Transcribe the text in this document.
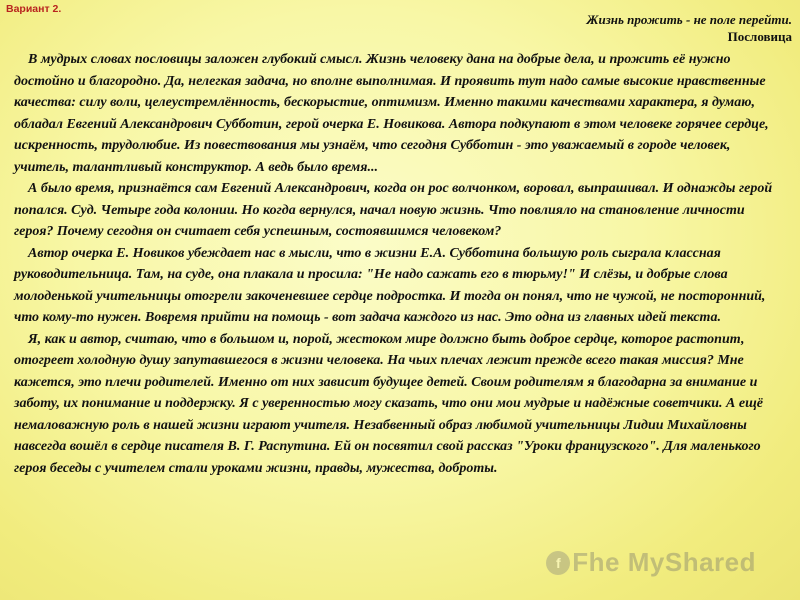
Вариант 2.
Жизнь прожить - не поле перейти.
Пословица

В мудрых словах пословицы заложен глубокий смысл. Жизнь человеку дана на добрые дела, и прожить её нужно достойно и благородно. Да, нелегкая задача, но вполне выполнимая. И проявить тут надо самые высокие нравственные качества: силу воли, целеустремлённость, бескорыстие, оптимизм. Именно такими качествами характера, я думаю, обладал Евгений Александрович Субботин, герой очерка Е. Новикова. Автора подкупают в этом человеке горячее сердце, искренность, трудолюбие. Из повествования мы узнаём, что сегодня Субботин - это уважаемый в городе человек, учитель, талантливый конструктор. А ведь было время...

А было время, признаётся сам Евгений Александрович, когда он рос волчонком, воровал, выпрашивал. И однажды герой попался. Суд. Четыре года колонии. Но когда вернулся, начал новую жизнь. Что повлияло на становление личности героя? Почему сегодня он считает себя успешным, состоявшимся человеком?

Автор очерка Е. Новиков убеждает нас в мысли, что в жизни Е.А. Субботина большую роль сыграла классная руководительница. Там, на суде, она плакала и просила: "Не надо сажать его в тюрьму!" И слёзы, и добрые слова молоденькой учительницы отогрели закоченевшее сердце подростка. И тогда он понял, что не чужой, не посторонний, что кому-то нужен. Вовремя прийти на помощь - вот задача каждого из нас. Это одна из главных идей текста.

Я, как и автор, считаю, что в большом и, порой, жестоком мире должно быть доброе сердце, которое растопит, отогреет холодную душу запутавшегося в жизни человека. На чьих плечах лежит прежде всего такая миссия? Мне кажется, это плечи родителей. Именно от них зависит будущее детей. Своим родителям я благодарна за внимание и заботу, их понимание и поддержку. Я с уверенностью могу сказать, что они мои мудрые и надёжные советчики. А ещё немаловажную роль в нашей жизни играют учителя. Незабвенный образ любимой учительницы Лидии Михайловны навсегда вошёл в сердце писателя В. Г. Распутина. Ей он посвятил свой рассказ "Уроки французского". Для маленького героя беседы с учителем стали уроками жизни, правды, мужества, доброты.

f Fhe MyShared
